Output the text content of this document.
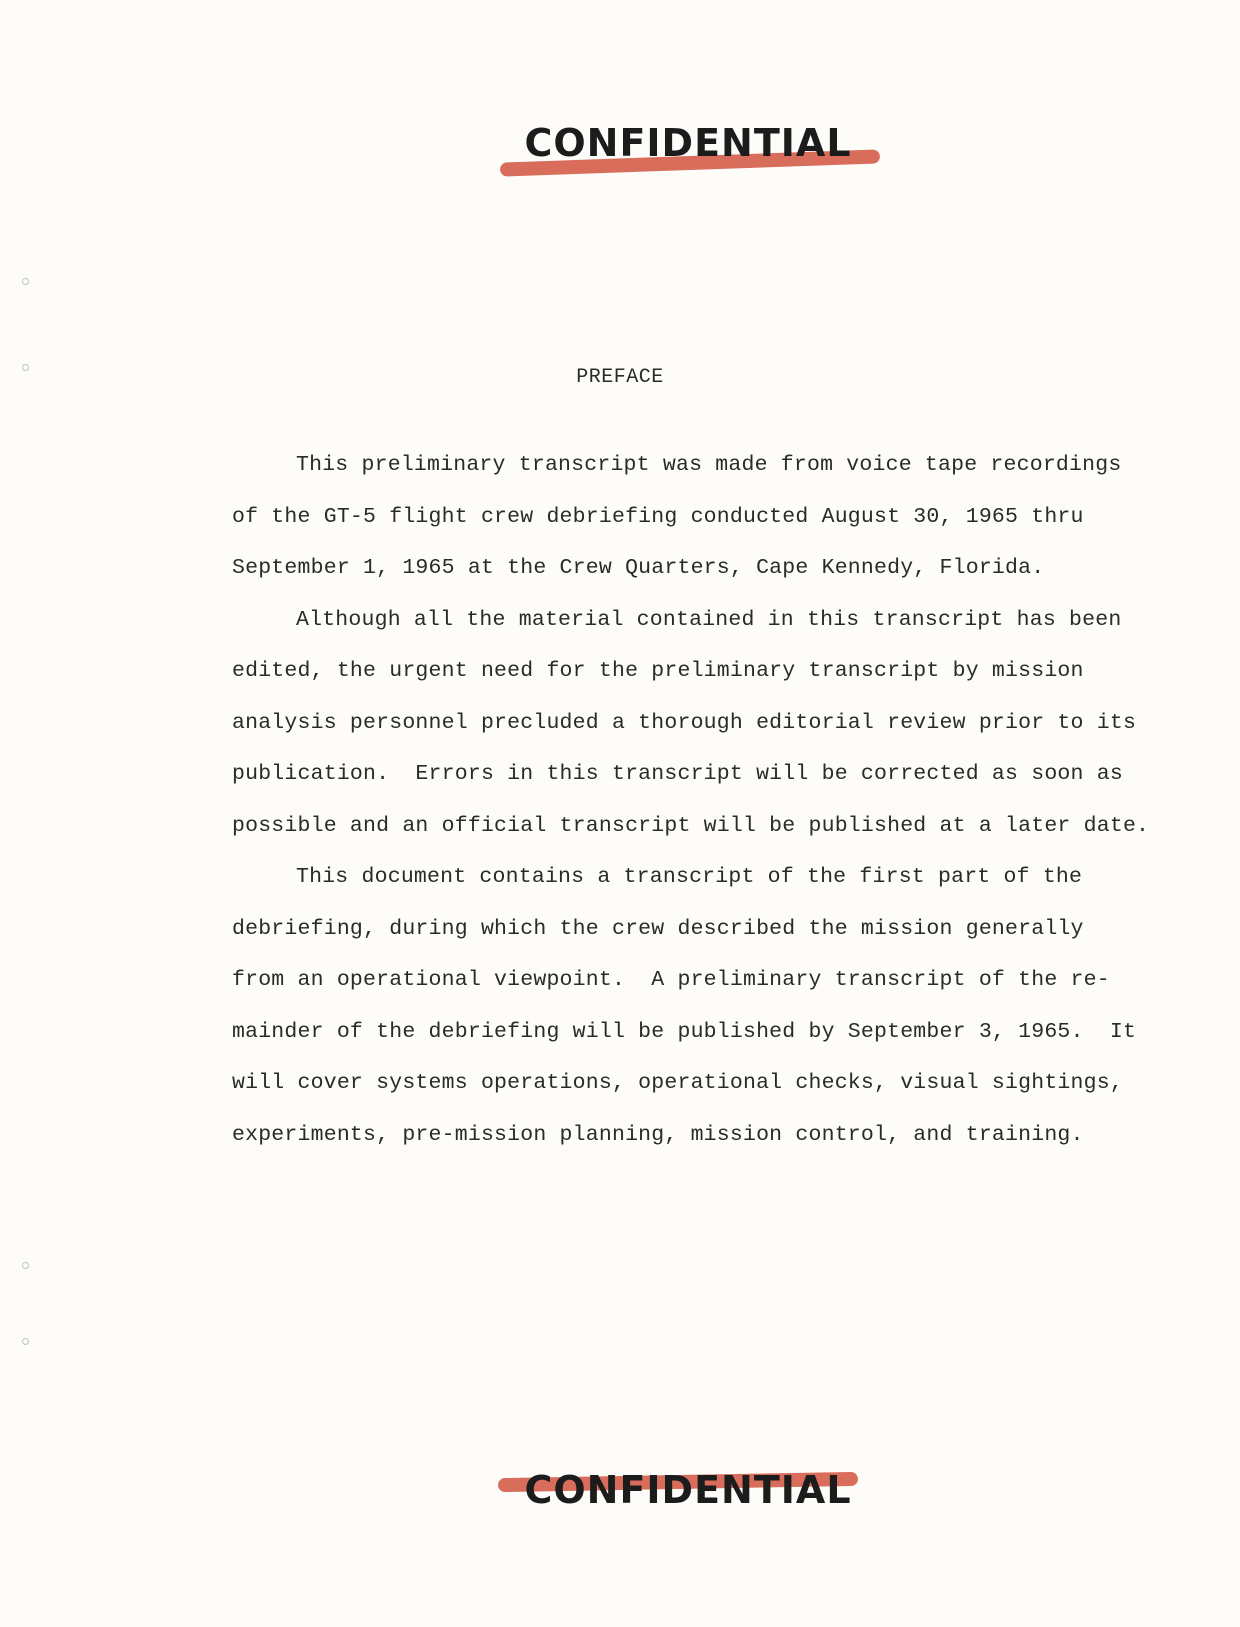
CONFIDENTIAL
PREFACE
This preliminary transcript was made from voice tape recordings
of the GT-5 flight crew debriefing conducted August 30, 1965 thru
September 1, 1965 at the Crew Quarters, Cape Kennedy, Florida.
Although all the material contained in this transcript has been
edited, the urgent need for the preliminary transcript by mission
analysis personnel precluded a thorough editorial review prior to its
publication.  Errors in this transcript will be corrected as soon as
possible and an official transcript will be published at a later date.
This document contains a transcript of the first part of the
debriefing, during which the crew described the mission generally
from an operational viewpoint.  A preliminary transcript of the re-
mainder of the debriefing will be published by September 3, 1965.  It
will cover systems operations, operational checks, visual sightings,
experiments, pre-mission planning, mission control, and training.
CONFIDENTIAL
